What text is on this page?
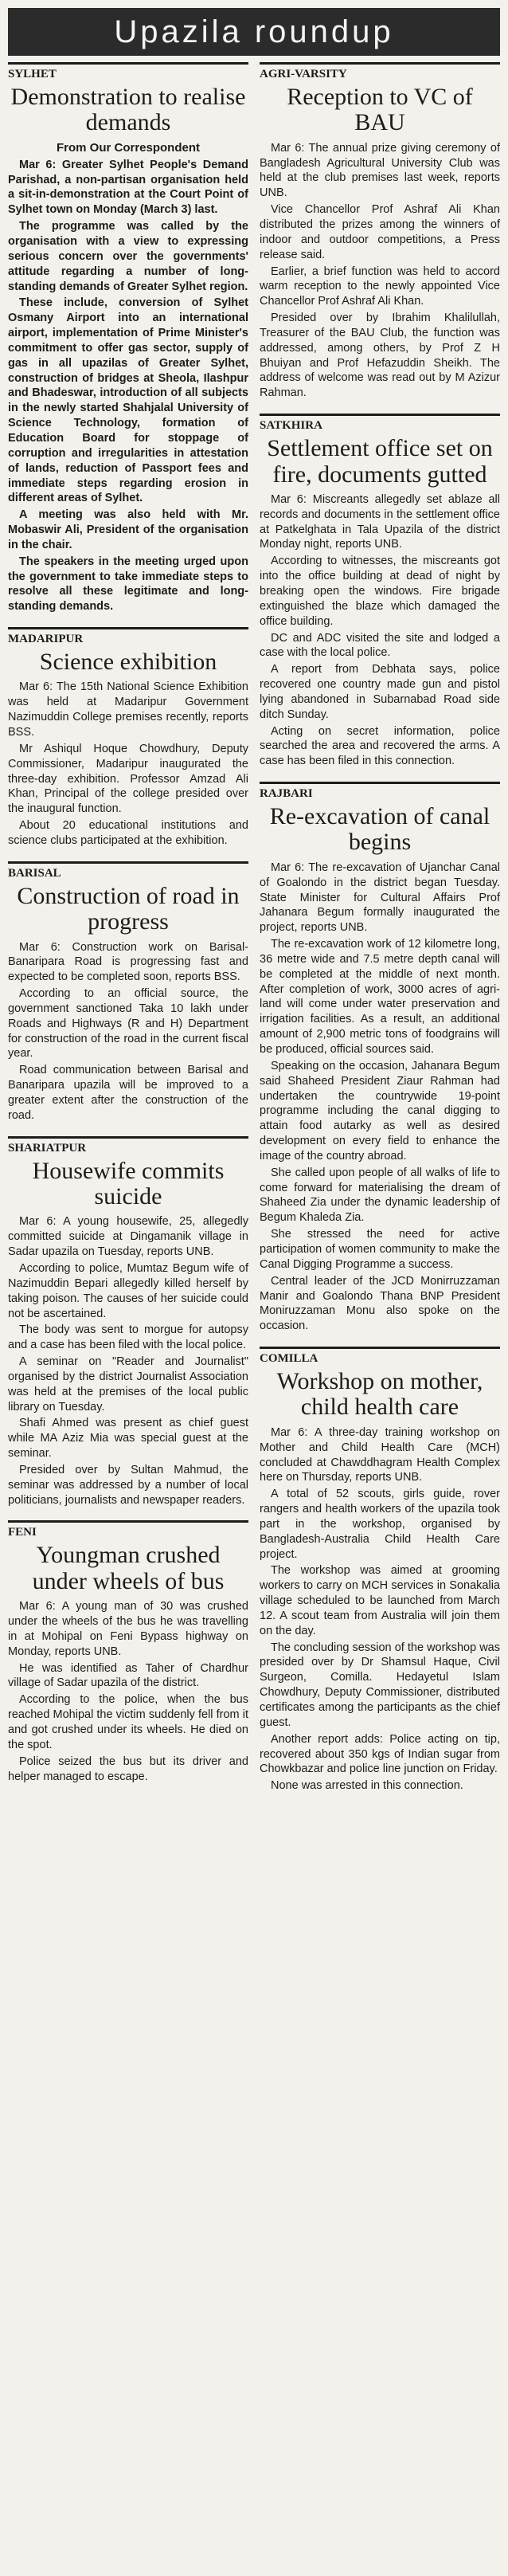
Upazila roundup
SYLHET
Demonstration to realise demands
From Our Correspondent

Mar 6: Greater Sylhet People's Demand Parishad, a non-partisan organisation held a sit-in-demonstration at the Court Point of Sylhet town on Monday (March 3) last.

The programme was called by the organisation with a view to expressing serious concern over the governments' attitude regarding a number of long-standing demands of Greater Sylhet region.

These include, conversion of Sylhet Osmany Airport into an international airport, implementation of Prime Minister's commitment to offer gas sector, supply of gas in all upazilas of Greater Sylhet, construction of bridges at Sheola, Ilashpur and Bhadeswar, introduction of all subjects in the newly started Shahjalal University of Science Technology, formation of Education Board for stoppage of corruption and irregularities in attestation of lands, reduction of Passport fees and immediate steps regarding erosion in different areas of Sylhet.

A meeting was also held with Mr. Mobaswir Ali, President of the organisation in the chair.

The speakers in the meeting urged upon the government to take immediate steps to resolve all these legitimate and long-standing demands.

MADARIPUR
Science exhibition

Mar 6: The 15th National Science Exhibition was held at Madaripur Government Nazimuddin College premises recently, reports BSS.

Mr Ashiqul Hoque Chowdhury, Deputy Commissioner, Madaripur inaugurated the three-day exhibition. Professor Amzad Ali Khan, Principal of the college presided over the inaugural function.

About 20 educational institutions and science clubs participated at the exhibition.

BARISAL
Construction of road in progress

Mar 6: Construction work on Barisal-Banaripara Road is progressing fast and expected to be completed soon, reports BSS.

According to an official source, the government sanctioned Taka 10 lakh under Roads and Highways (R and H) Department for construction of the road in the current fiscal year.

Road communication between Barisal and Banaripara upazila will be improved to a greater extent after the construction of the road.

SHARIATPUR
Housewife commits suicide

Mar 6: A young housewife, 25, allegedly committed suicide at Dingamanik village in Sadar upazila on Tuesday, reports UNB.

According to police, Mumtaz Begum wife of Nazimuddin Bepari allegedly killed herself by taking poison. The causes of her suicide could not be ascertained.

The body was sent to morgue for autopsy and a case has been filed with the local police.

A seminar on "Reader and Journalist" organised by the district Journalist Association was held at the premises of the local public library on Tuesday.

Shafi Ahmed was present as chief guest while MA Aziz Mia was special guest at the seminar.

Presided over by Sultan Mahmud, the seminar was addressed by a number of local politicians, journalists and newspaper readers.

FENI
Youngman crushed under wheels of bus

Mar 6: A young man of 30 was crushed under the wheels of the bus he was travelling in at Mohipal on Feni Bypass highway on Monday, reports UNB.

He was identified as Taher of Chardhur village of Sadar upazila of the district.

According to the police, when the bus reached Mohipal the victim suddenly fell from it and got crushed under its wheels. He died on the spot.

Police seized the bus but its driver and helper managed to escape.

AGRI-VARSITY
Reception to VC of BAU

Mar 6: The annual prize giving ceremony of Bangladesh Agricultural University Club was held at the club premises last week, reports UNB.

Vice Chancellor Prof Ashraf Ali Khan distributed the prizes among the winners of indoor and outdoor competitions, a Press release said.

Earlier, a brief function was held to accord warm reception to the newly appointed Vice Chancellor Prof Ashraf Ali Khan.

Presided over by Ibrahim Khalilullah, Treasurer of the BAU Club, the function was addressed, among others, by Prof Z H Bhuiyan and Prof Hefazuddin Sheikh. The address of welcome was read out by M Azizur Rahman.

SATKHIRA
Settlement office set on fire, documents gutted

Mar 6: Miscreants allegedly set ablaze all records and documents in the settlement office at Patkelghata in Tala Upazila of the district Monday night, reports UNB.

According to witnesses, the miscreants got into the office building at dead of night by breaking open the windows. Fire brigade extinguished the blaze which damaged the office building.

DC and ADC visited the site and lodged a case with the local police.

A report from Debhata says, police recovered one country made gun and pistol lying abandoned in Subarnabad Road side ditch Sunday.

Acting on secret information, police searched the area and recovered the arms. A case has been filed in this connection.

RAJBARI
Re-excavation of canal begins

Mar 6: The re-excavation of Ujanchar Canal of Goalondo in the district began Tuesday. State Minister for Cultural Affairs Prof Jahanara Begum formally inaugurated the project, reports UNB.

The re-excavation work of 12 kilometre long, 36 metre wide and 7.5 metre depth canal will be completed at the middle of next month. After completion of work, 3000 acres of agri-land will come under water preservation and irrigation facilities. As a result, an additional amount of 2,900 metric tons of foodgrains will be produced, official sources said.

Speaking on the occasion, Jahanara Begum said Shaheed President Ziaur Rahman had undertaken the countrywide 19-point programme including the canal digging to attain food autarky as well as desired development on every field to enhance the image of the country abroad.

She called upon people of all walks of life to come forward for materialising the dream of Shaheed Zia under the dynamic leadership of Begum Khaleda Zia.

She stressed the need for active participation of women community to make the Canal Digging Programme a success.

Central leader of the JCD Monirruzzaman Manir and Goalondo Thana BNP President Moniruzzaman Monu also spoke on the occasion.

COMILLA
Workshop on mother, child health care

Mar 6: A three-day training workshop on Mother and Child Health Care (MCH) concluded at Chawddhagram Health Complex here on Thursday, reports UNB.

A total of 52 scouts, girls guide, rover rangers and health workers of the upazila took part in the workshop, organised by Bangladesh-Australia Child Health Care project.

The workshop was aimed at grooming workers to carry on MCH services in Sonakalia village scheduled to be launched from March 12. A scout team from Australia will join them on the day.

The concluding session of the workshop was presided over by Dr Shamsul Haque, Civil Surgeon, Comilla. Hedayetul Islam Chowdhury, Deputy Commissioner, distributed certificates among the participants as the chief guest.

Another report adds: Police acting on tip, recovered about 350 kgs of Indian sugar from Chowkbazar and police line junction on Friday.

None was arrested in this connection.
